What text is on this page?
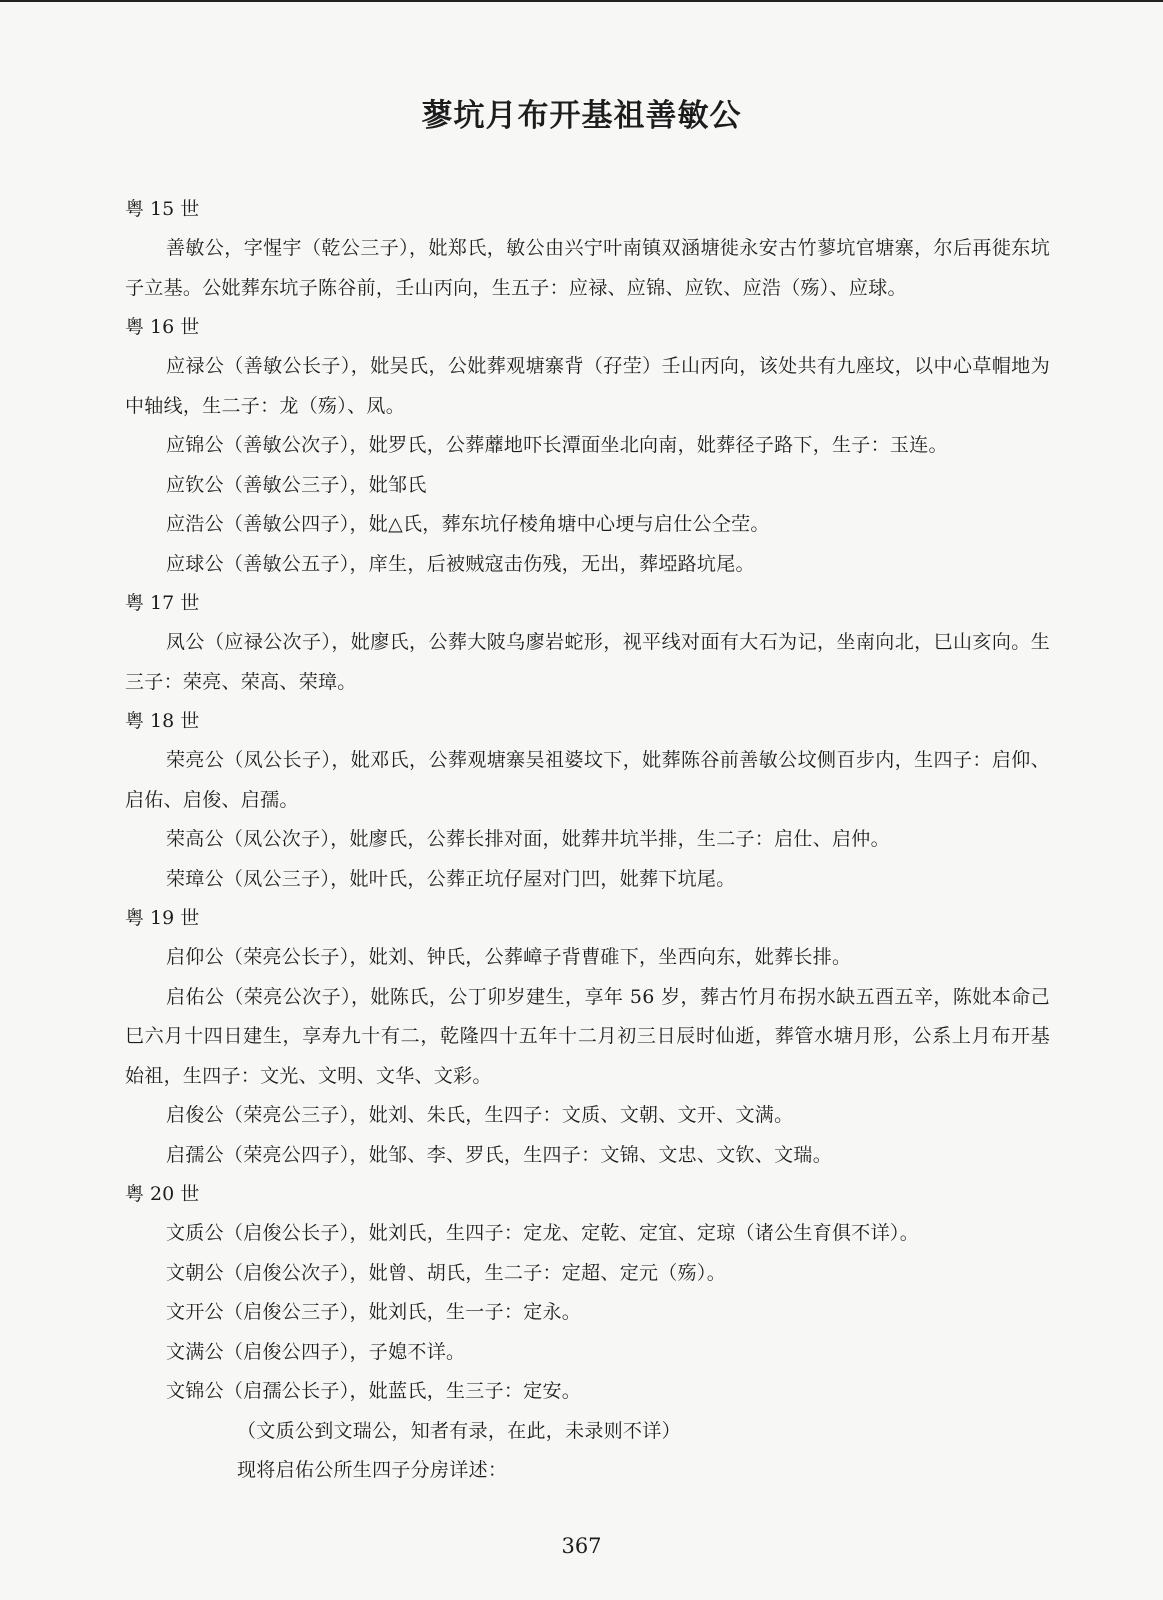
蓼坑月布开基祖善敏公

粤 15 世

善敏公，字惺宇（乾公三子），妣郑氏，敏公由兴宁叶南镇双涵塘徙永安古竹蓼坑官塘寨，尔后再徙东坑子立基。公妣葬东坑子陈谷前，壬山丙向，生五子：应禄、应锦、应钦、应浩（殇）、应球。

粤 16 世

应禄公（善敏公长子），妣吴氏，公妣葬观塘寨背（孖茔）壬山丙向，该处共有九座坟，以中心草帽地为中轴线，生二子：龙（殇）、凤。

应锦公（善敏公次子），妣罗氏，公葬蘼地吓长潭面坐北向南，妣葬径子路下，生子：玉连。

应钦公（善敏公三子），妣邹氏

应浩公（善敏公四子），妣△氏，葬东坑仔棱角塘中心埂与启仕公仝茔。

应球公（善敏公五子），庠生，后被贼寇击伤残，无出，葬埡路坑尾。

粤 17 世

凤公（应禄公次子），妣廖氏，公葬大陂乌廖岩蛇形，视平线对面有大石为记，坐南向北，巳山亥向。生三子：荣亮、荣高、荣璋。

粤 18 世

荣亮公（凤公长子），妣邓氏，公葬观塘寨吴祖婆坟下，妣葬陈谷前善敏公坟侧百步内，生四子：启仰、启佑、启俊、启孺。

荣高公（凤公次子），妣廖氏，公葬长排对面，妣葬井坑半排，生二子：启仕、启仲。

荣璋公（凤公三子），妣叶氏，公葬正坑仔屋对门凹，妣葬下坑尾。

粤 19 世

启仰公（荣亮公长子），妣刘、钟氏，公葬嶂子背曹碓下，坐西向东，妣葬长排。

启佑公（荣亮公次子），妣陈氏，公丁卯岁建生，享年 56 岁，葬古竹月布拐水缺五酉五辛，陈妣本命己巳六月十四日建生，享寿九十有二，乾隆四十五年十二月初三日辰时仙逝，葬管水塘月形，公系上月布开基始祖，生四子：文光、文明、文华、文彩。

启俊公（荣亮公三子），妣刘、朱氏，生四子：文质、文朝、文开、文满。

启孺公（荣亮公四子），妣邹、李、罗氏，生四子：文锦、文忠、文钦、文瑞。

粤 20 世

文质公（启俊公长子），妣刘氏，生四子：定龙、定乾、定宜、定琼（诸公生育俱不详）。

文朝公（启俊公次子），妣曾、胡氏，生二子：定超、定元（殇）。

文开公（启俊公三子），妣刘氏，生一子：定永。

文满公（启俊公四子），子媳不详。

文锦公（启孺公长子），妣蓝氏，生三子：定安。

（文质公到文瑞公，知者有录，在此，未录则不详）

现将启佑公所生四子分房详述：

367
